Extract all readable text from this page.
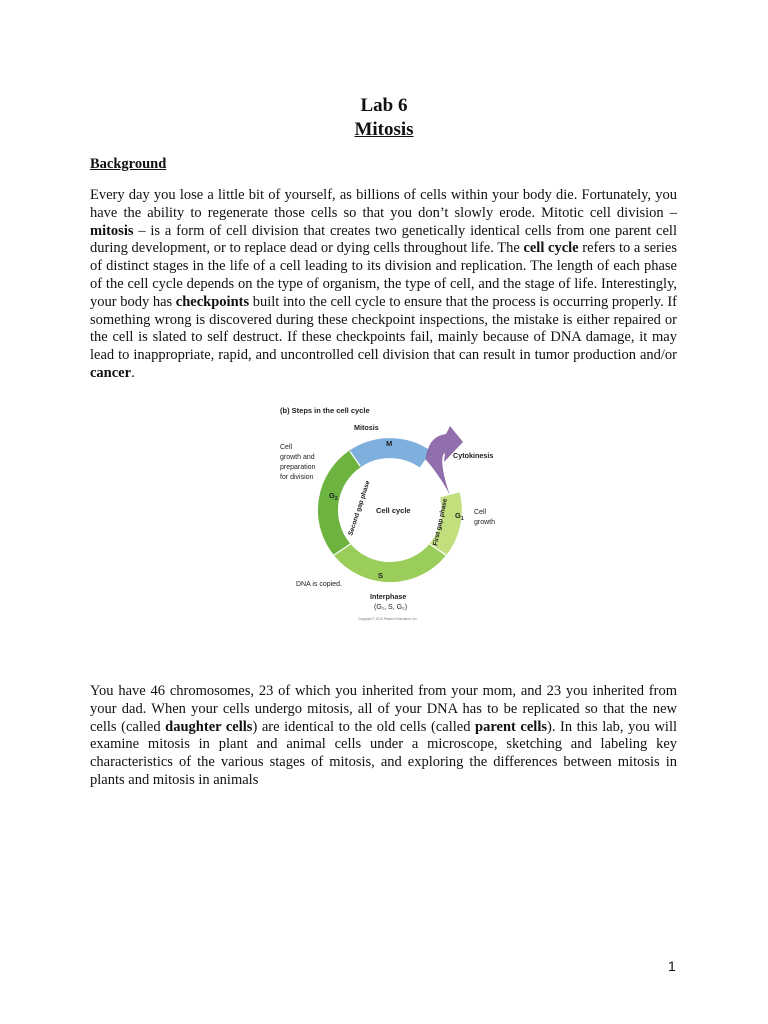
Lab 6
Mitosis
Background

Every day you lose a little bit of yourself, as billions of cells within your body die. Fortunately, you have the ability to regenerate those cells so that you don’t slowly erode. Mitotic cell division – mitosis – is a form of cell division that creates two genetically identical cells from one parent cell during development, or to replace dead or dying cells throughout life. The cell cycle refers to a series of distinct stages in the life of a cell leading to its division and replication. The length of each phase of the cell cycle depends on the type of organism, the type of cell, and the stage of life. Interestingly, your body has checkpoints built into the cell cycle to ensure that the process is occurring properly. If something wrong is discovered during these checkpoint inspections, the mistake is either repaired or the cell is slated to self destruct. If these checkpoints fail, mainly because of DNA damage, it may lead to inappropriate, rapid, and uncontrolled cell division that can result in tumor production and/or cancer.

(b) Steps in the cell cycle
Mitosis
M
Cytokinesis
Cell
growth and
preparation
for division
$G_2$
$G_1$
Second gap phase	First gap phase
Cell cycle	Cell
growth
S
DNA is copied.
Interphase
(G₁, S, G₂)
Copyright © 2010 Pearson Education, Inc.

You have 46 chromosomes, 23 of which you inherited from your mom, and 23 you inherited from your dad. When your cells undergo mitosis, all of your DNA has to be replicated so that the new cells (called daughter cells) are identical to the old cells (called parent cells). In this lab, you will examine mitosis in plant and animal cells under a microscope, sketching and labeling key characteristics of the various stages of mitosis, and exploring the differences between mitosis in plants and mitosis in animals

1
